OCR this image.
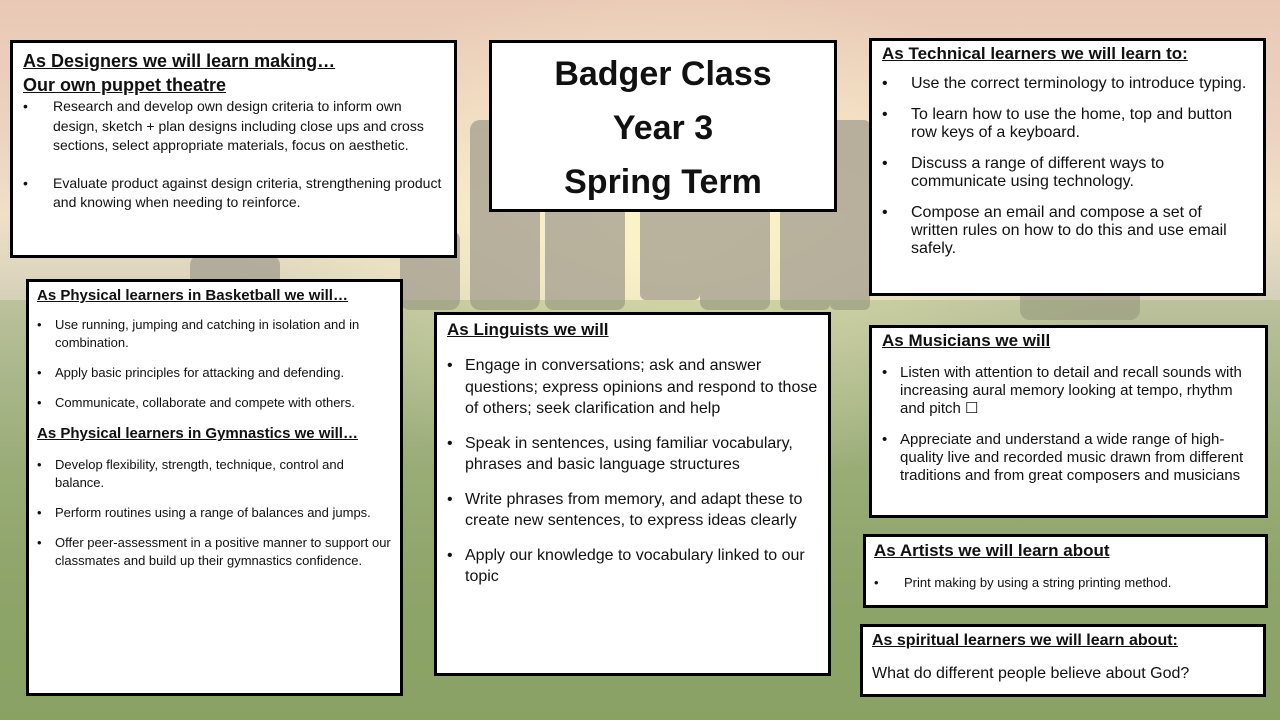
As Designers we will learn making…

Our own puppet theatre

• Research and develop own design criteria to inform own design, sketch + plan designs including close ups and cross sections, select appropriate materials, focus on aesthetic.
• Evaluate product against design criteria, strengthening product and knowing when needing to reinforce.
Badger Class
Year 3
Spring Term

As Technical learners we will learn to:

• Use the correct terminology to introduce typing.
• To learn how to use the home, top and button row keys of a keyboard.
• Discuss a range of different ways to communicate using technology.
• Compose an email and compose a set of written rules on how to do this and use email safely.

As Physical learners in Basketball we will…

• Use running, jumping and catching in isolation and in combination.
• Apply basic principles for attacking and defending.
• Communicate, collaborate and compete with others.

As Physical learners in Gymnastics we will…

• Develop flexibility, strength, technique, control and balance.
• Perform routines using a range of balances and jumps.
• Offer peer-assessment in a positive manner to support our classmates and build up their gymnastics confidence.

As Linguists we will

• Engage in conversations; ask and answer questions; express opinions and respond to those of others; seek clarification and help
• Speak in sentences, using familiar vocabulary, phrases and basic language structures
• Write phrases from memory, and adapt these to create new sentences, to express ideas clearly
• Apply our knowledge to vocabulary linked to our topic

As Musicians we will

• Listen with attention to detail and recall sounds with increasing aural memory looking at tempo, rhythm and pitch ☐
• Appreciate and understand a wide range of high-quality live and recorded music drawn from different traditions and from great composers and musicians

As Artists we will learn about

• Print making by using a string printing method.

As spiritual learners we will learn about:

What do different people believe about God?
